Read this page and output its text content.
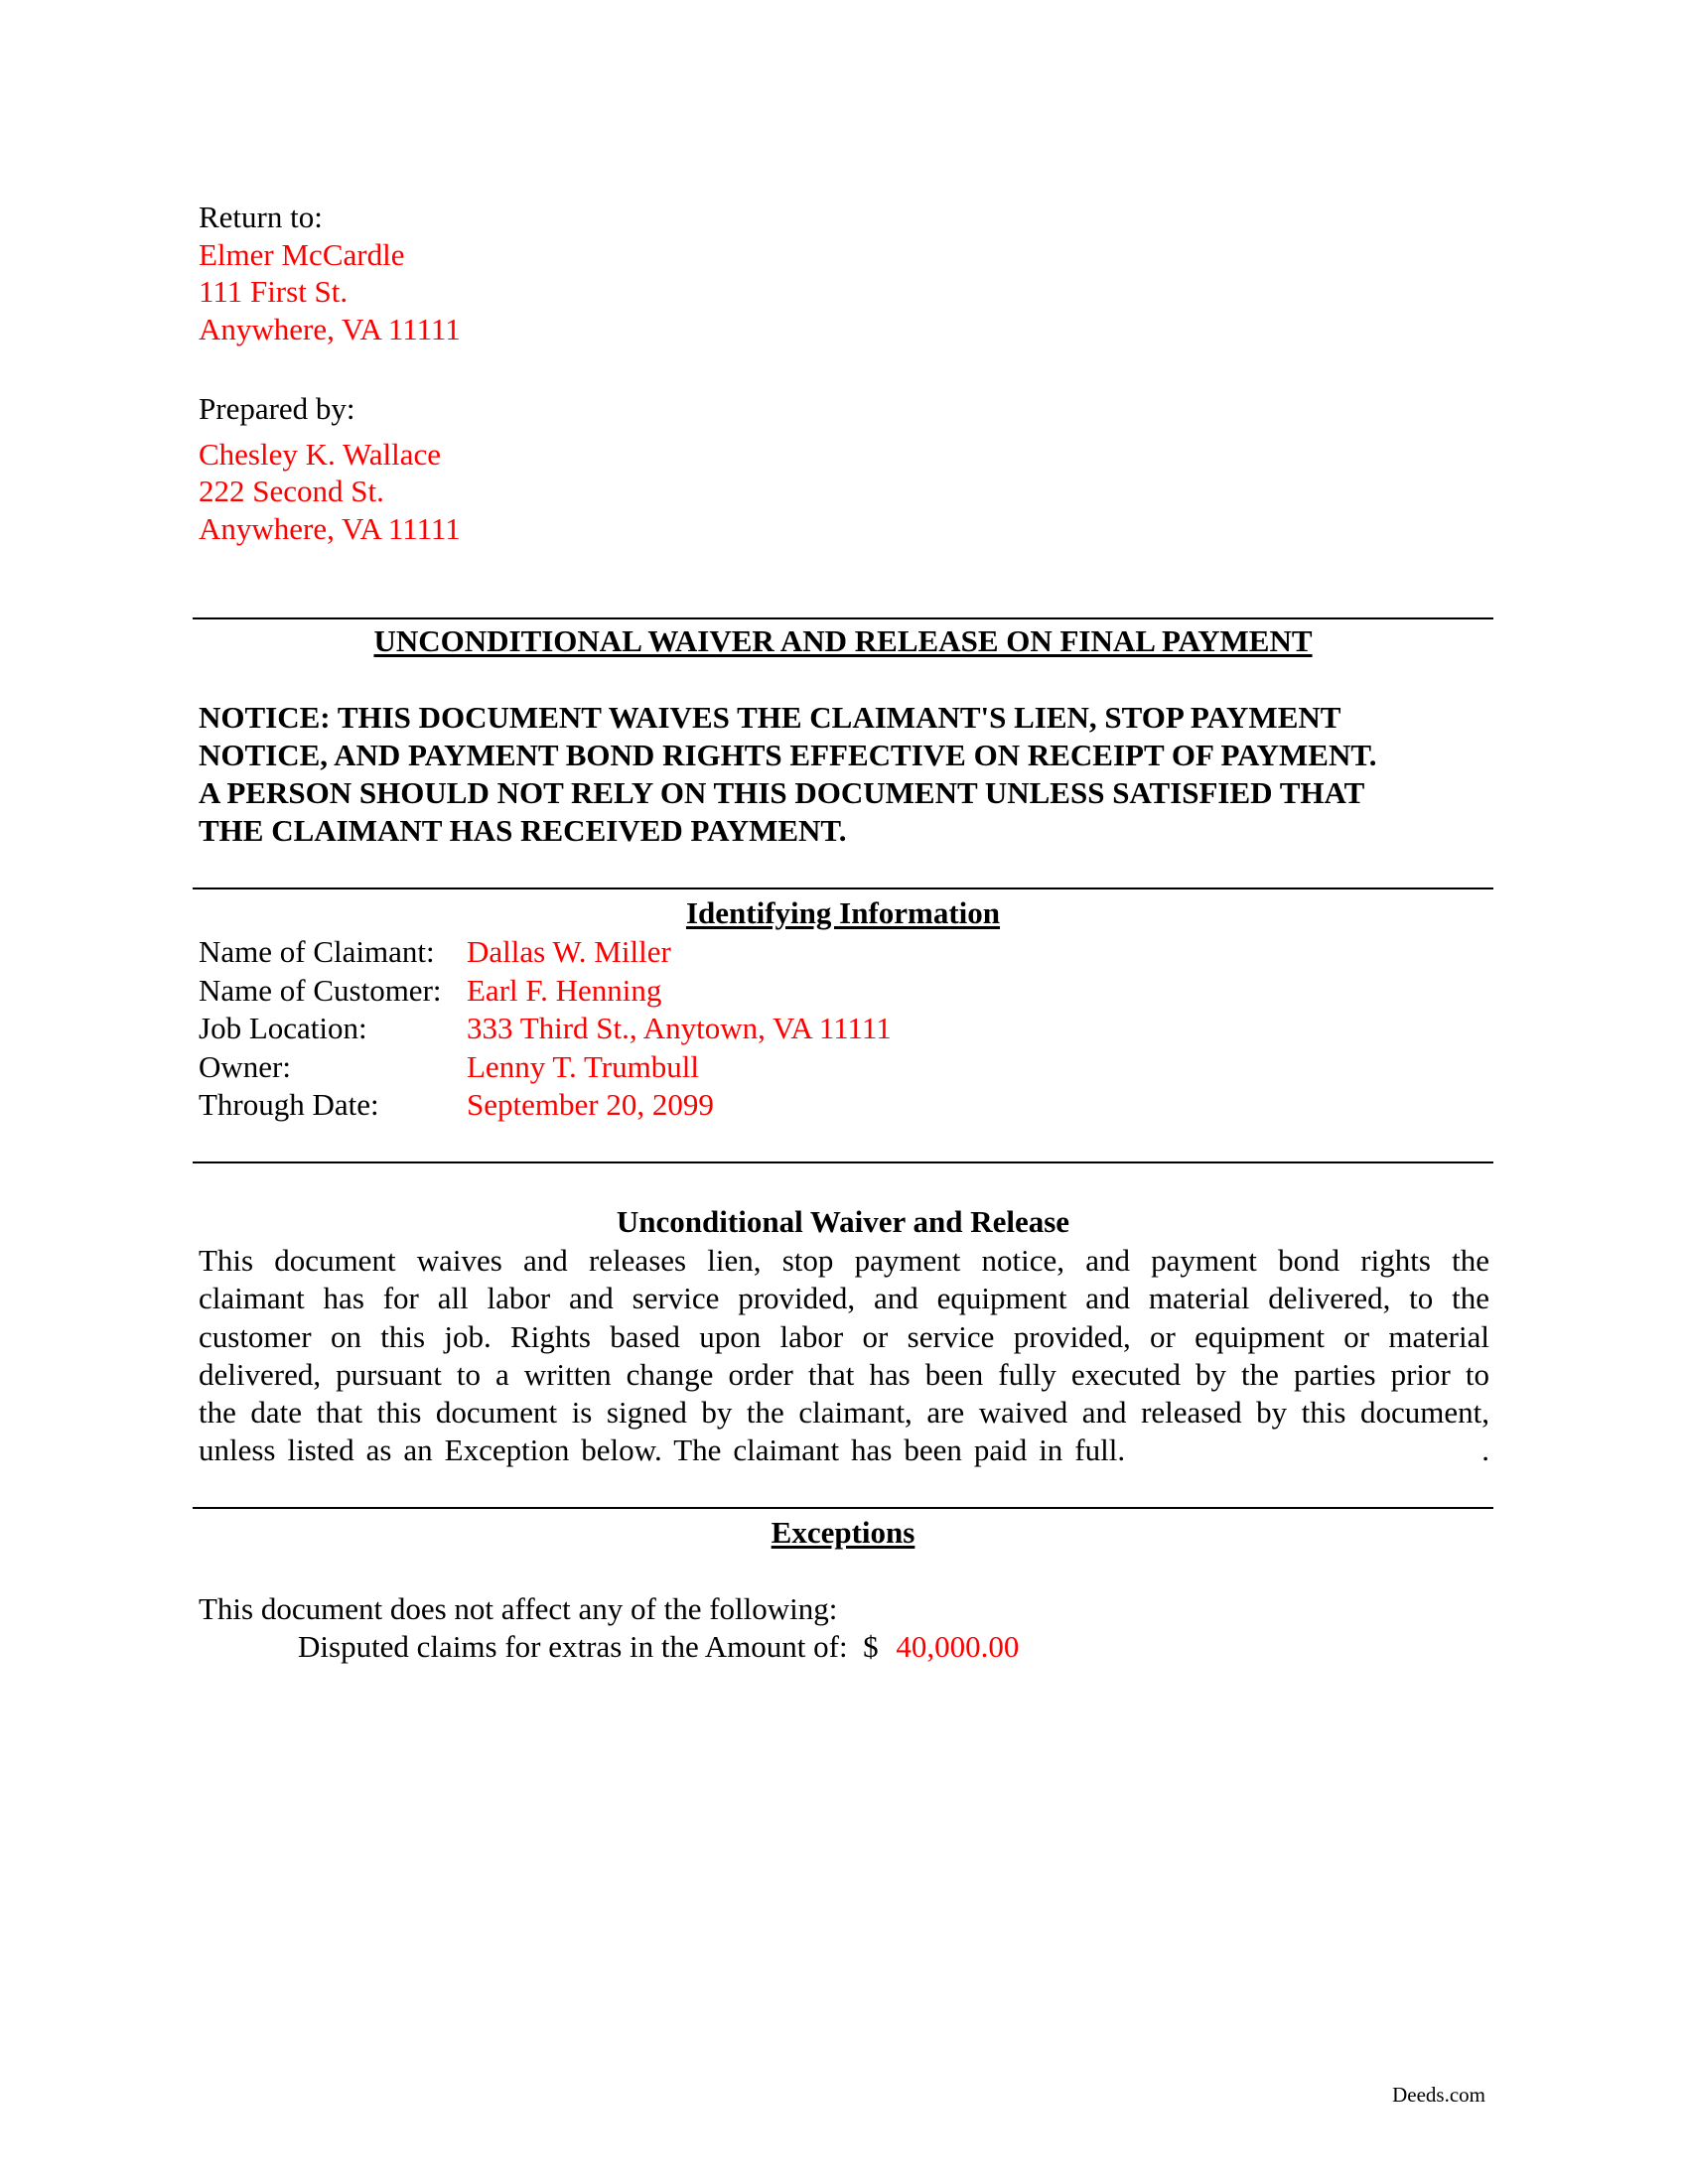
Return to:
Elmer McCardle
111 First St.
Anywhere, VA 11111
Prepared by:
Chesley K. Wallace
222 Second St.
Anywhere, VA 11111
UNCONDITIONAL WAIVER AND RELEASE ON FINAL PAYMENT
NOTICE: THIS DOCUMENT WAIVES THE CLAIMANT'S LIEN, STOP PAYMENT
NOTICE, AND PAYMENT BOND RIGHTS EFFECTIVE ON RECEIPT OF PAYMENT.
A PERSON SHOULD NOT RELY ON THIS DOCUMENT UNLESS SATISFIED THAT
THE CLAIMANT HAS RECEIVED PAYMENT.
Identifying Information
Name of Claimant:	Dallas W. Miller
Name of Customer: Earl F. Henning
Job Location:	333 Third St., Anytown, VA 11111
Owner:	Lenny T. Trumbull
Through Date:	September 20, 2099
Unconditional Waiver and Release
This document waives and releases lien, stop payment notice, and payment bond rights the
claimant has for all labor and service provided, and equipment and material delivered, to the
customer on this job. Rights based upon labor or service provided, or equipment or material
delivered, pursuant to a written change order that has been fully executed by the parties prior to
the date that this document is signed by the claimant, are waived and released by this document,
unless listed as an Exception below. The claimant has been paid in full.                              .
Exceptions
This document does not affect any of the following:
Disputed claims for extras in the Amount of:  $ 40,000.00
Deeds.com
